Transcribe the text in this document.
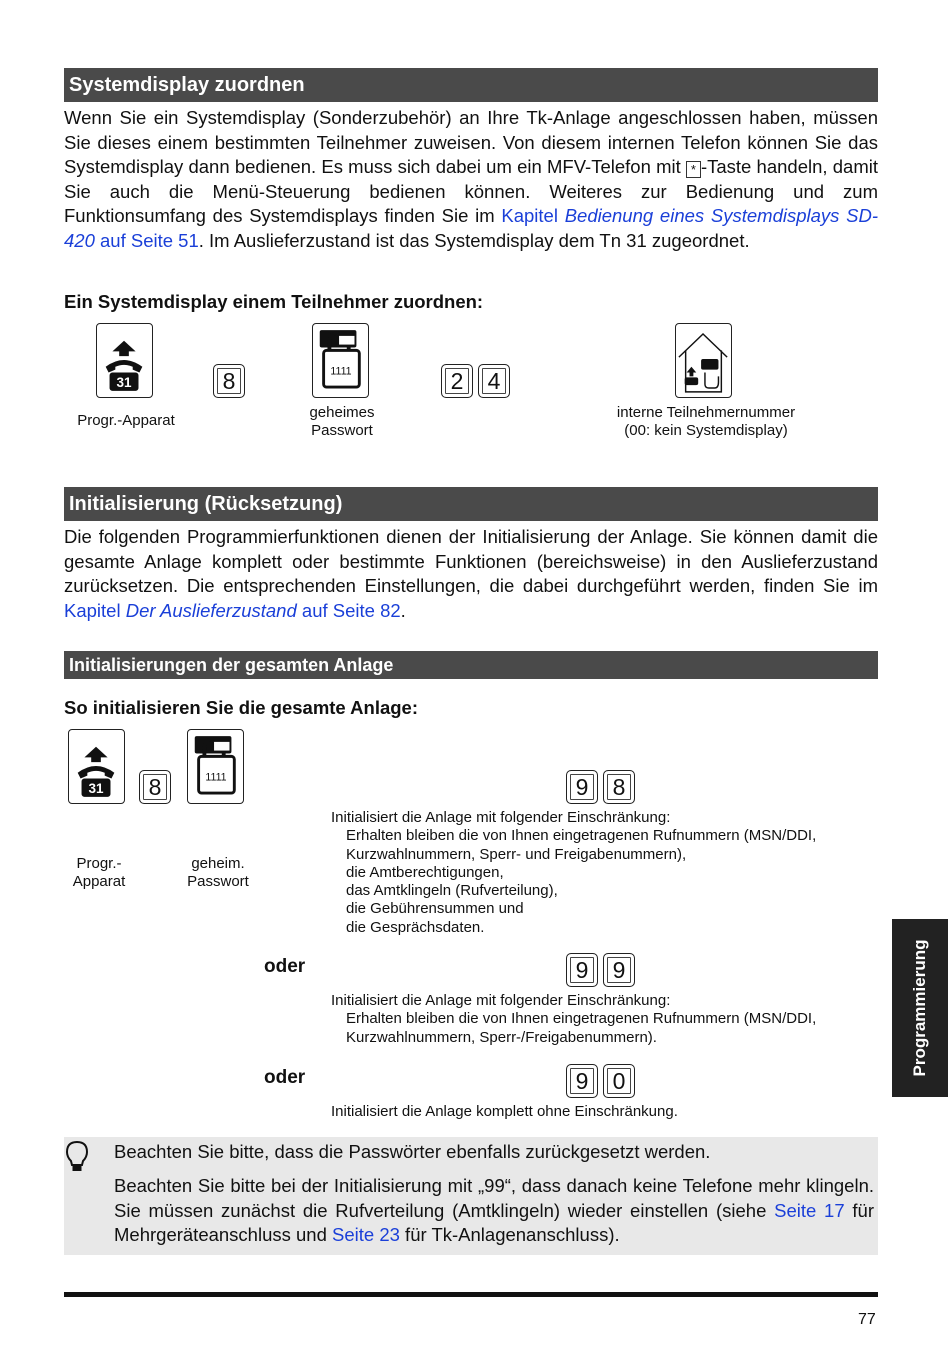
Systemdisplay zuordnen
Wenn Sie ein Systemdisplay (Sonderzubehör) an Ihre Tk-Anlage angeschlossen haben, müssen Sie dieses einem bestimmten Teilnehmer zuweisen. Von diesem internen Telefon können Sie das Systemdisplay dann bedienen. Es muss sich dabei um ein MFV-Telefon mit * -Taste handeln, damit Sie auch die Menü-Steuerung bedienen können. Weiteres zur Bedienung und zum Funktionsumfang des Systemdisplays finden Sie im Kapitel Bedienung eines Systemdisplays SD-420 auf Seite 51. Im Auslieferzustand ist das Systemdisplay dem Tn 31 zugeordnet.
Ein Systemdisplay einem Teilnehmer zuordnen:
31	8	1111	2	4
Progr.-Apparat	geheimes
Passwort
interne Teilnehmernummer
(00: kein Systemdisplay)
Initialisierung (Rücksetzung)
Die folgenden Programmierfunktionen dienen der Initialisierung der Anlage. Sie können damit die gesamte Anlage komplett oder bestimmte Funktionen (bereichsweise) in den Auslieferzustand zurücksetzen. Die entsprechenden Einstellungen, die dabei durchgeführt werden, finden Sie im Kapitel Der Auslieferzustand auf Seite 82.
Initialisierungen der gesamten Anlage
So initialisieren Sie die gesamte Anlage:
31	8	1111
Progr.-
Apparat
geheim.
Passwort
9	8
Initialisiert die Anlage mit folgender Einschränkung:
Erhalten bleiben die von Ihnen eingetragenen Rufnummern (MSN/DDI,
Kurzwahlnummern, Sperr- und Freigabenummern),
die Amtberechtigungen,
das Amtklingeln (Rufverteilung),
die Gebührensummen und
die Gesprächsdaten.
oder	9	9
Initialisiert die Anlage mit folgender Einschränkung:
Erhalten bleiben die von Ihnen eingetragenen Rufnummern (MSN/DDI,
Kurzwahlnummern, Sperr-/Freigabenummern).
oder	9	0
Initialisiert die Anlage komplett ohne Einschränkung.
Beachten Sie bitte, dass die Passwörter ebenfalls zurückgesetzt werden.
Beachten Sie bitte bei der Initialisierung mit „99“, dass danach keine Telefone mehr klingeln. Sie müssen zunächst die Rufverteilung (Amtklingeln) wieder einstellen (siehe Seite 17 für Mehrgeräteanschluss und Seite 23 für Tk-Anlagenanschluss).
Programmierung
77
